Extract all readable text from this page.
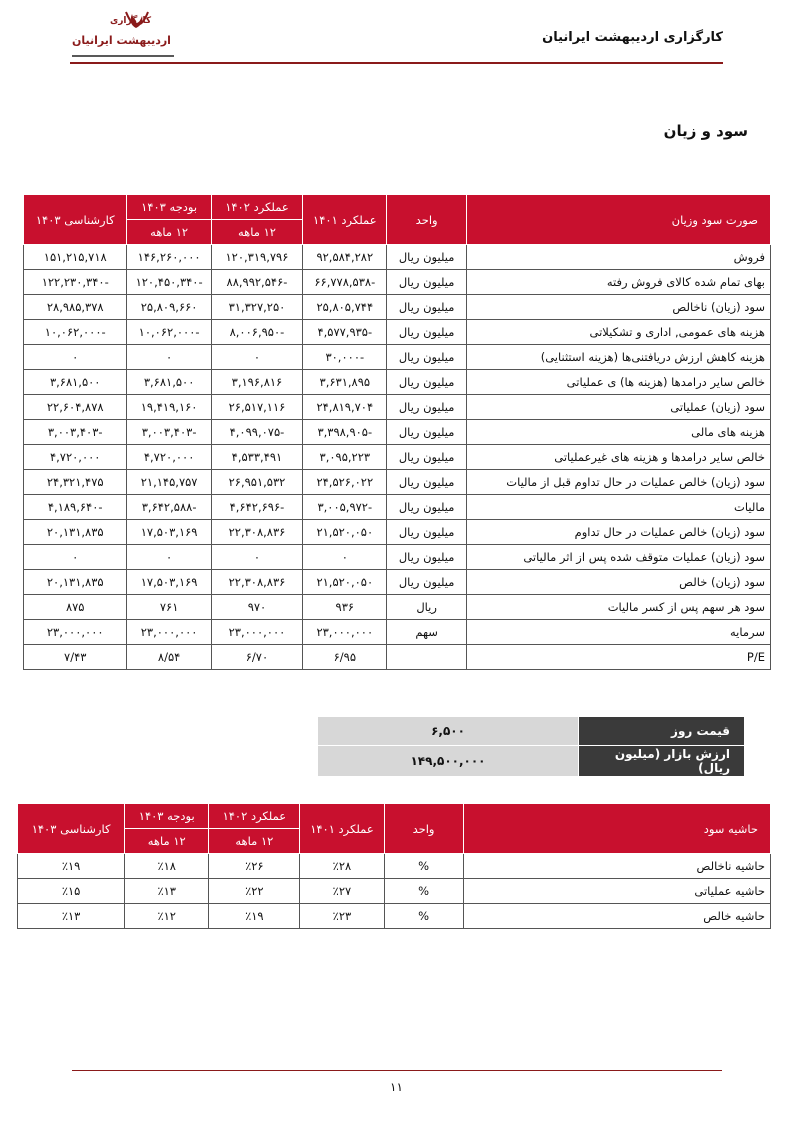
کارگزاری
اردیبهشت ایرانیان	کارگزاری اردیبهشت ایرانیان
سود و زیان
صورت سود وزیان	واحد	عملکرد ۱۴۰۱	عملکرد ۱۴۰۲	بودجه ۱۴۰۳	کارشناسی ۱۴۰۳
			۱۲ ماهه	۱۲ ماهه	
فروش	میلیون ریال	۹۲,۵۸۴,۲۸۲	۱۲۰,۳۱۹,۷۹۶	۱۴۶,۲۶۰,۰۰۰	۱۵۱,۲۱۵,۷۱۸
بهای تمام شده کالای فروش رفته	میلیون ریال	-۶۶,۷۷۸,۵۳۸	-۸۸,۹۹۲,۵۴۶	-۱۲۰,۴۵۰,۳۴۰	-۱۲۲,۲۳۰,۳۴۰
سود (زیان) ناخالص	میلیون ریال	۲۵,۸۰۵,۷۴۴	۳۱,۳۲۷,۲۵۰	۲۵,۸۰۹,۶۶۰	۲۸,۹۸۵,۳۷۸
هزینه های عمومی, اداری و تشکیلاتی	میلیون ریال	-۴,۵۷۷,۹۳۵	-۸,۰۰۶,۹۵۰	-۱۰,۰۶۲,۰۰۰	-۱۰,۰۶۲,۰۰۰
هزینه کاهش ارزش دریافتنی‌ها (هزینه استثنایی)	میلیون ریال	-۳۰,۰۰۰	۰	۰	۰
خالص سایر درامدها (هزینه ها) ی عملیاتی	میلیون ریال	۳,۶۳۱,۸۹۵	۳,۱۹۶,۸۱۶	۳,۶۸۱,۵۰۰	۳,۶۸۱,۵۰۰
سود (زیان) عملیاتی	میلیون ریال	۲۴,۸۱۹,۷۰۴	۲۶,۵۱۷,۱۱۶	۱۹,۴۱۹,۱۶۰	۲۲,۶۰۴,۸۷۸
هزینه های مالی	میلیون ریال	-۳,۳۹۸,۹۰۵	-۴,۰۹۹,۰۷۵	-۳,۰۰۳,۴۰۳	-۳,۰۰۳,۴۰۳
خالص سایر درامدها و هزینه های غیرعملیاتی	میلیون ریال	۳,۰۹۵,۲۲۳	۴,۵۳۳,۴۹۱	۴,۷۲۰,۰۰۰	۴,۷۲۰,۰۰۰
سود (زیان) خالص عملیات در حال تداوم قبل از مالیات	میلیون ریال	۲۴,۵۲۶,۰۲۲	۲۶,۹۵۱,۵۳۲	۲۱,۱۴۵,۷۵۷	۲۴,۳۲۱,۴۷۵
مالیات	میلیون ریال	-۳,۰۰۵,۹۷۲	-۴,۶۴۲,۶۹۶	-۳,۶۴۲,۵۸۸	-۴,۱۸۹,۶۴۰
سود (زیان) خالص عملیات در حال تداوم	میلیون ریال	۲۱,۵۲۰,۰۵۰	۲۲,۳۰۸,۸۳۶	۱۷,۵۰۳,۱۶۹	۲۰,۱۳۱,۸۳۵
سود (زیان) عملیات متوقف شده پس از اثر مالیاتی	میلیون ریال	۰	۰	۰	۰
سود (زیان) خالص	میلیون ریال	۲۱,۵۲۰,۰۵۰	۲۲,۳۰۸,۸۳۶	۱۷,۵۰۳,۱۶۹	۲۰,۱۳۱,۸۳۵
سود هر سهم پس از کسر مالیات	ریال	۹۳۶	۹۷۰	۷۶۱	۸۷۵
سرمایه	سهم	۲۳,۰۰۰,۰۰۰	۲۳,۰۰۰,۰۰۰	۲۳,۰۰۰,۰۰۰	۲۳,۰۰۰,۰۰۰
P/E		۶/۹۵	۶/۷۰	۸/۵۴	۷/۴۳
قیمت روز	۶,۵۰۰
ارزش بازار (میلیون ریال)	۱۴۹,۵۰۰,۰۰۰
حاشیه سود	واحد	عملکرد ۱۴۰۱	عملکرد ۱۴۰۲	بودجه ۱۴۰۳	کارشناسی ۱۴۰۳
			۱۲ ماهه	۱۲ ماهه	
حاشیه ناخالص	%	٪۲۸	٪۲۶	٪۱۸	٪۱۹
حاشیه عملیاتی	%	٪۲۷	٪۲۲	٪۱۳	٪۱۵
حاشیه خالص	%	٪۲۳	٪۱۹	٪۱۲	٪۱۳
۱۱
